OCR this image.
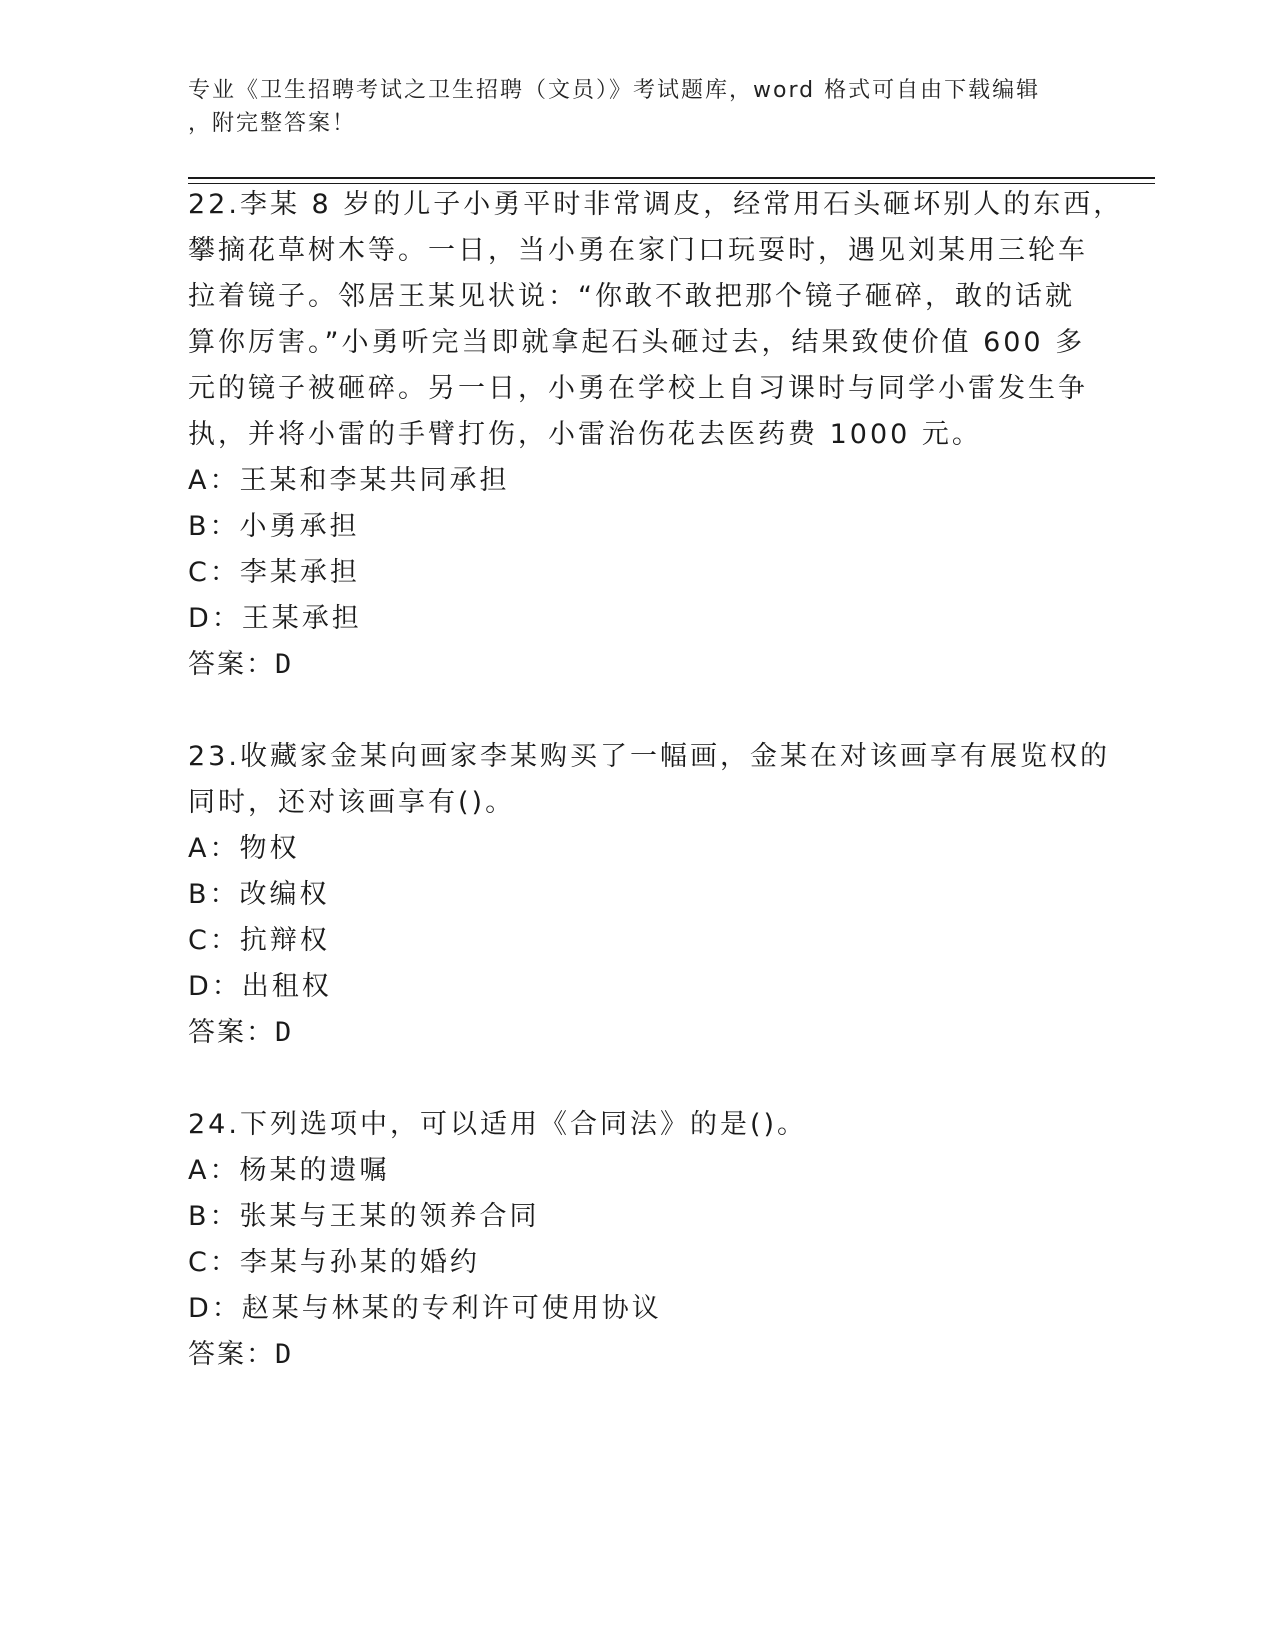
专业《卫生招聘考试之卫生招聘（文员）》考试题库，word 格式可自由下载编辑
，附完整答案！
22.李某 8 岁的儿子小勇平时非常调皮，经常用石头砸坏别人的东西，
攀摘花草树木等。一日，当小勇在家门口玩耍时，遇见刘某用三轮车
拉着镜子。邻居王某见状说：“你敢不敢把那个镜子砸碎，敢的话就
算你厉害。”小勇听完当即就拿起石头砸过去，结果致使价值 600 多
元的镜子被砸碎。另一日，小勇在学校上自习课时与同学小雷发生争
执，并将小雷的手臂打伤，小雷治伤花去医药费 1000 元。
A：王某和李某共同承担
B：小勇承担
C：李某承担
D：王某承担
答案：D
23.收藏家金某向画家李某购买了一幅画，金某在对该画享有展览权的
同时，还对该画享有()。
A：物权
B：改编权
C：抗辩权
D：出租权
答案：D
24.下列选项中，可以适用《合同法》的是()。
A：杨某的遗嘱
B：张某与王某的领养合同
C：李某与孙某的婚约
D：赵某与林某的专利许可使用协议
答案：D
